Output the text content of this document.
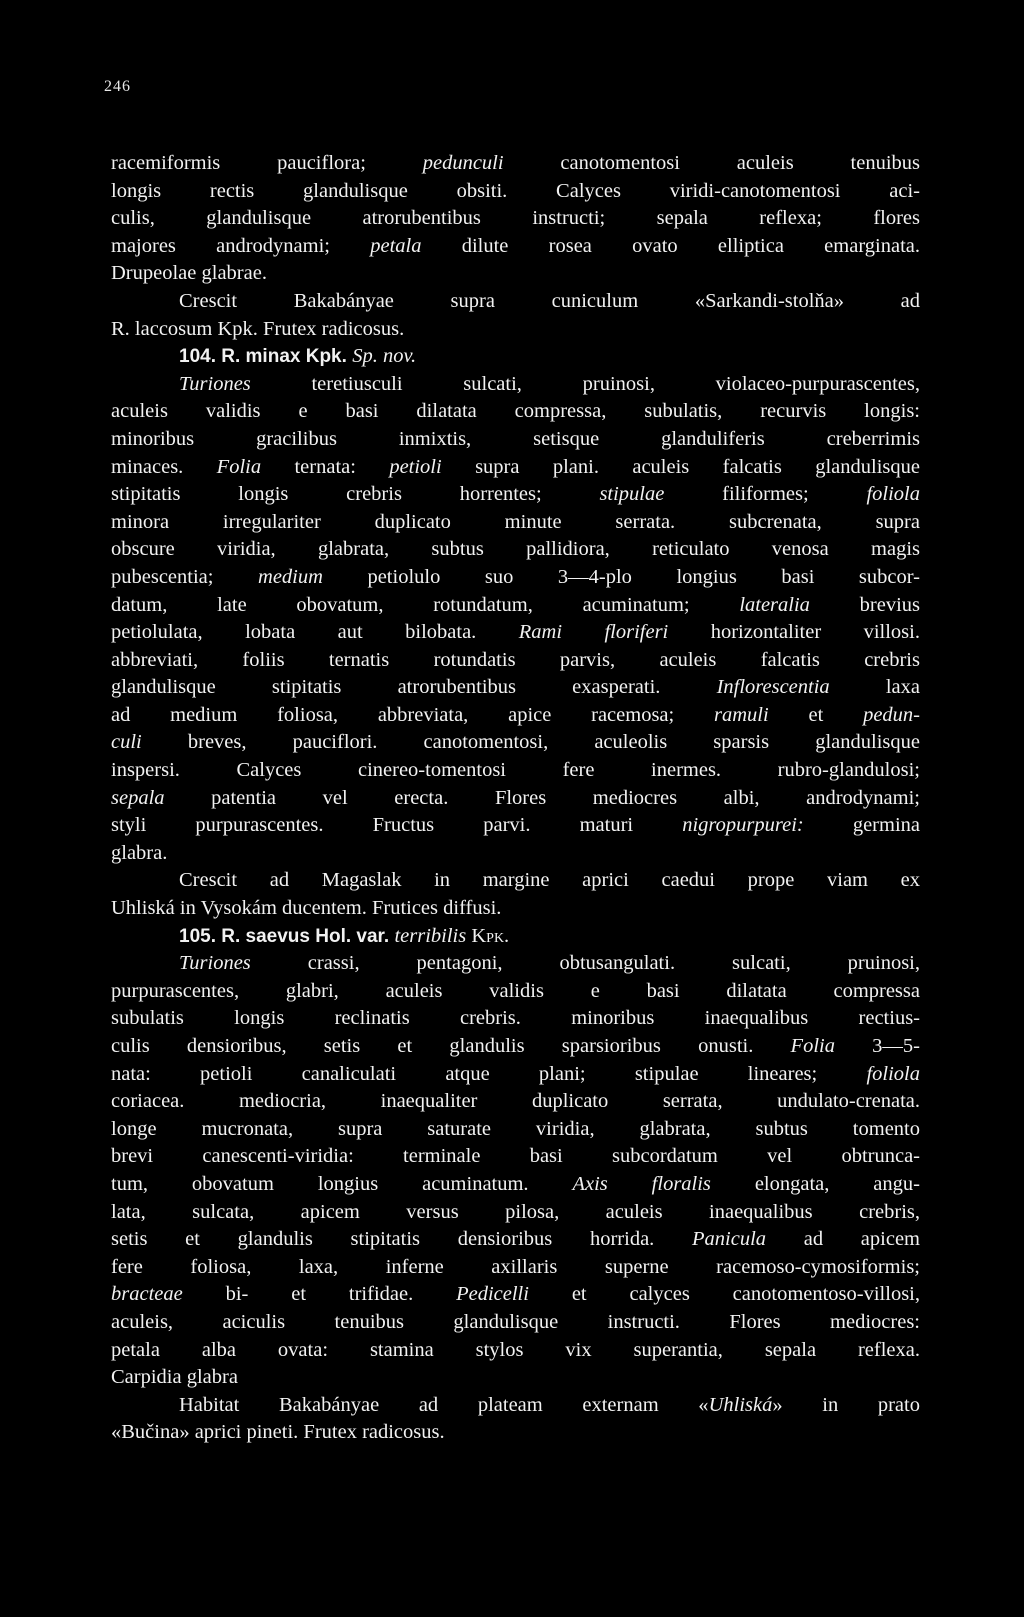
246
racemiformis pauciflora; pedunculi canotomentosi aculeis tenuibus
longis rectis glandulisque obsiti. Calyces viridi-canotomentosi aci-
culis, glandulisque atrorubentibus instructi; sepala reflexa; flores
majores androdynami; petala dilute rosea ovato elliptica emarginata.
Drupeolae glabrae.
Crescit Bakabányae supra cuniculum «Sarkandi-stolňa» ad
R. laccosum Kpk. Frutex radicosus.
104. R. minax Kpk. Sp. nov.
Turiones teretiusculi sulcati, pruinosi, violaceo-purpurascentes,
aculeis validis e basi dilatata compressa, subulatis, recurvis longis:
minoribus gracilibus inmixtis, setisque glanduliferis creberrimis
minaces. Folia ternata: petioli supra plani. aculeis falcatis glandulisque
stipitatis longis crebris horrentes; stipulae filiformes; foliola
minora irregulariter duplicato minute serrata. subcrenata, supra
obscure viridia, glabrata, subtus pallidiora, reticulato venosa magis
pubescentia; medium petiolulo suo 3—4-plo longius basi subcor-
datum, late obovatum, rotundatum, acuminatum; lateralia brevius
petiolulata, lobata aut bilobata. Rami floriferi horizontaliter villosi.
abbreviati, foliis ternatis rotundatis parvis, aculeis falcatis crebris
glandulisque stipitatis atrorubentibus exasperati. Inflorescentia laxa
ad medium foliosa, abbreviata, apice racemosa; ramuli et pedun-
culi breves, pauciflori. canotomentosi, aculeolis sparsis glandulisque
inspersi. Calyces cinereo-tomentosi fere inermes. rubro-glandulosi;
sepala patentia vel erecta. Flores mediocres albi, androdynami;
styli purpurascentes. Fructus parvi. maturi nigropurpurei: germina
glabra.
Crescit ad Magaslak in margine aprici caedui prope viam ex
Uhliská in Vysokám ducentem. Frutices diffusi.
105. R. saevus Hol. var. terribilis Kpk.
Turiones crassi, pentagoni, obtusangulati. sulcati, pruinosi,
purpurascentes, glabri, aculeis validis e basi dilatata compressa
subulatis longis reclinatis crebris. minoribus inaequalibus rectius-
culis densioribus, setis et glandulis sparsioribus onusti. Folia 3—5-
nata: petioli canaliculati atque plani; stipulae lineares; foliola
coriacea. mediocria, inaequaliter duplicato serrata, undulato-crenata.
longe mucronata, supra saturate viridia, glabrata, subtus tomento
brevi canescenti-viridia: terminale basi subcordatum vel obtrunca-
tum, obovatum longius acuminatum. Axis floralis elongata, angu-
lata, sulcata, apicem versus pilosa, aculeis inaequalibus crebris,
setis et glandulis stipitatis densioribus horrida. Panicula ad apicem
fere foliosa, laxa, inferne axillaris superne racemoso-cymosiformis;
bracteae bi- et trifidae. Pedicelli et calyces canotomentoso-villosi,
aculeis, aciculis tenuibus glandulisque instructi. Flores mediocres:
petala alba ovata: stamina stylos vix superantia, sepala reflexa.
Carpidia glabra
Habitat Bakabányae ad plateam externam «Uhliská» in prato
«Bučina» aprici pineti. Frutex radicosus.
